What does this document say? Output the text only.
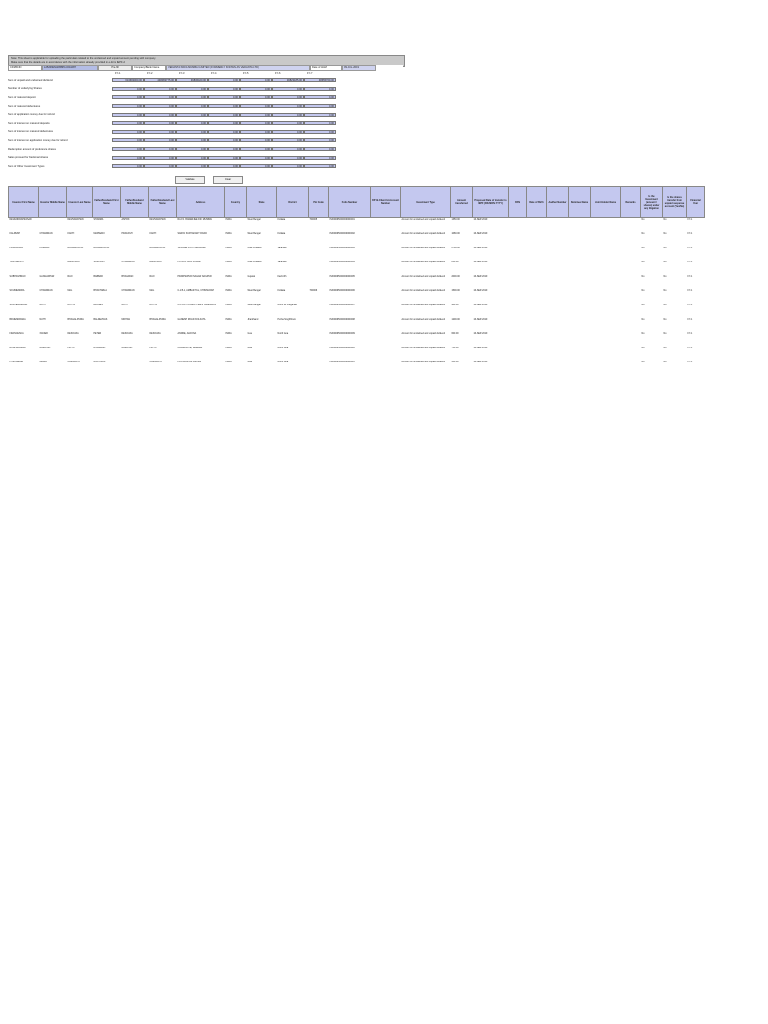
Note: This sheet is applicable for uploading the particulars related to the unclaimed and unpaid amount pending with company.
Make sure that the details are in accordance with the information already provided in e-form IEPF-2
CIN/BCIN	L25209MH1958PLC011087	Pre-fill	Company/Bank Name	VEDANTA INDIA MUMBAI LIMITED (FORMERLY KNOWN AS VEDANTA LTD)	Date of AGM	09-JUL-2019
FY-1	FY-2	FY-3	FY-4	FY-5	FY-6	FY-7
Sum of unpaid and unclaimed dividend	613693000.00	448083775.00	46836420.00	0.00	0.00	30823185.00	48655769.00
Number of underlying Shares	0.00	0.00	0.00	0.00	0.00	0.00	0.00
Sum of matured deposit	0.00	0.00	0.00	0.00	0.00	0.00	0.00
Sum of matured debentures	0.00	0.00	0.00	0.00	0.00	0.00	0.00
Sum of application money due for refund	0.00	0.00	0.00	0.00	0.00	0.00	0.00
Sum of interest on matured deposits	0.00	0.00	0.00	0.00	0.00	0.00	0.00
Sum of interest on matured debentures	0.00	0.00	0.00	0.00	0.00	0.00	0.00
Sum of interest on application money due for refund	0.00	0.00	0.00	0.00	0.00	0.00	0.00
Redemption amount of preference shares	0.00	0.00	0.00	0.00	0.00	0.00	0.00
Sales proceed for fractional shares	0.00	0.00	0.00	0.00	0.00	0.00	0.00
Sum of Other Investment Types	0.00	0.00	0.00	0.00	0.00	0.00	0.00
Validate	Clear
Investor First Name	Investor Middle Name	Investor Last Name	Father/Husband First Name	Father/Husband Middle Name	Father/Husband Last Name	Address	Country	State	District	Pin Code	Folio Number	DP Id-Client Id-Account Number	Investment Type	Amount transferred	Proposed Date of transfer to IEPF (DD-MON-YYYY)	PAN	Date of Birth	Aadhar Number	Nominee Name	Joint Holder Name	Remarks	Is the Investment (amount / shares) under any litigation	Is the shares transfer from unpaid suspense account (Yes/No)	Financial Year
DEVENDRAPRASAD		DEVNANDHAN	SHARMA	ASHOK	DEVNANDHAN	RAJ N. BANERJEE DR. MUMBAI	INDIA	West Bengal	Kolkata	700005	IN300095000000000001		Amount for unclaimed and unpaid dividend	1350.00	16-SEP-2019							No	No	FY-1
KALPESH	CHANDRAN	KANTI	MARWADI	PRAKASH	KANTI	SAROJ SURYAKANT ROAD	INDIA	West Bengal	Kolkata		IN300095000000000002		Amount for unclaimed and unpaid dividend	1080.00	16-SEP-2019							No	No	FY-1
PRINCIPALD	KUMARA	RAJANIKANTA	RAJANIKANTA		RAJANIKANTA	VILLAGE POST DEOGARH	INDIA	Uttar Pradesh	Varanasi		IN300095000000000003		Amount for unclaimed and unpaid dividend	2700.00	16-SEP-2019							No	No	FY-1
YASHWANTH		BANDHURI	SUBHASH	CHANDRAN	BANDHURI	PO BOX 3105 KUWAIT	INDIA	Uttar Pradesh	Varanasi		IN300095000000000004		Amount for unclaimed and unpaid dividend	850.00	16-SEP-2019							No	No	FY-1
SUBHASHRAO	GANGADHAR	RAO	BABBAR	BHAGWAN	RAO	PRABHAPURI NAGAR NAGPUR	INDIA	Gujarat	Kachchh		IN300095000000000005		Amount for unclaimed and unpaid dividend	2000.00	16-SEP-2019							No	No	FY-1
SOUMENDRA	CHANDRAN	MAL	BHAKTABLA	CHANDRAN	MAL	C-1/5-1, AMBAR TAL, CHINSURAH	INDIA	West Bengal	Kolkata	700006	IN300095000000000006		Amount for unclaimed and unpaid dividend	1500.00	16-SEP-2019							No	No	FY-1
SUKHENDRANA	NATH	DUTTA	BROJEN	NATH	DUTTA	C/O DUTTA BROTHERS TALEGAON	INDIA	West Bengal	North 24 Parganas		IN300095000000000007		Amount for unclaimed and unpaid dividend	900.00	16-SEP-2019							No	No	FY-1
BRIJENDRANA	NATH	BHAGALPURIA	BALDEVDAS	MOHAN	BHAGALPURIA	GANESH ROAD KOLKATA	INDIA	Jharkhand	Purba Singhbhum		IN300095000000000008		Amount for unclaimed and unpaid dividend	1200.00	16-SEP-2019							No	No	FY-1
FRANCESCA	XAVIER	DESOUZA	PETER	DESOUZA	DESOUZA	ANDRE, ALDONA	INDIA	Goa	North Goa		IN300095000000000009		Amount for unclaimed and unpaid dividend	600.00	16-SEP-2019							No	No	FY-1
RUGHWASAMI	NARAYAN	PINTO	BHAGWAN	NARAYAN	PINTO	CALANGUTE, BARDEZ	INDIA	Goa	North Goa		IN300095000000000010		Amount for unclaimed and unpaid dividend	750.00	16-SEP-2019							No	No	FY-1
PHILOMENA	MARIA	CARVALHO	NICHOLAS		CARVALHO	FONTAINHAS PANJIM	INDIA	Goa	North Goa		IN300095000000000011		Amount for unclaimed and unpaid dividend	450.00	16-SEP-2019							No	No	FY-1
